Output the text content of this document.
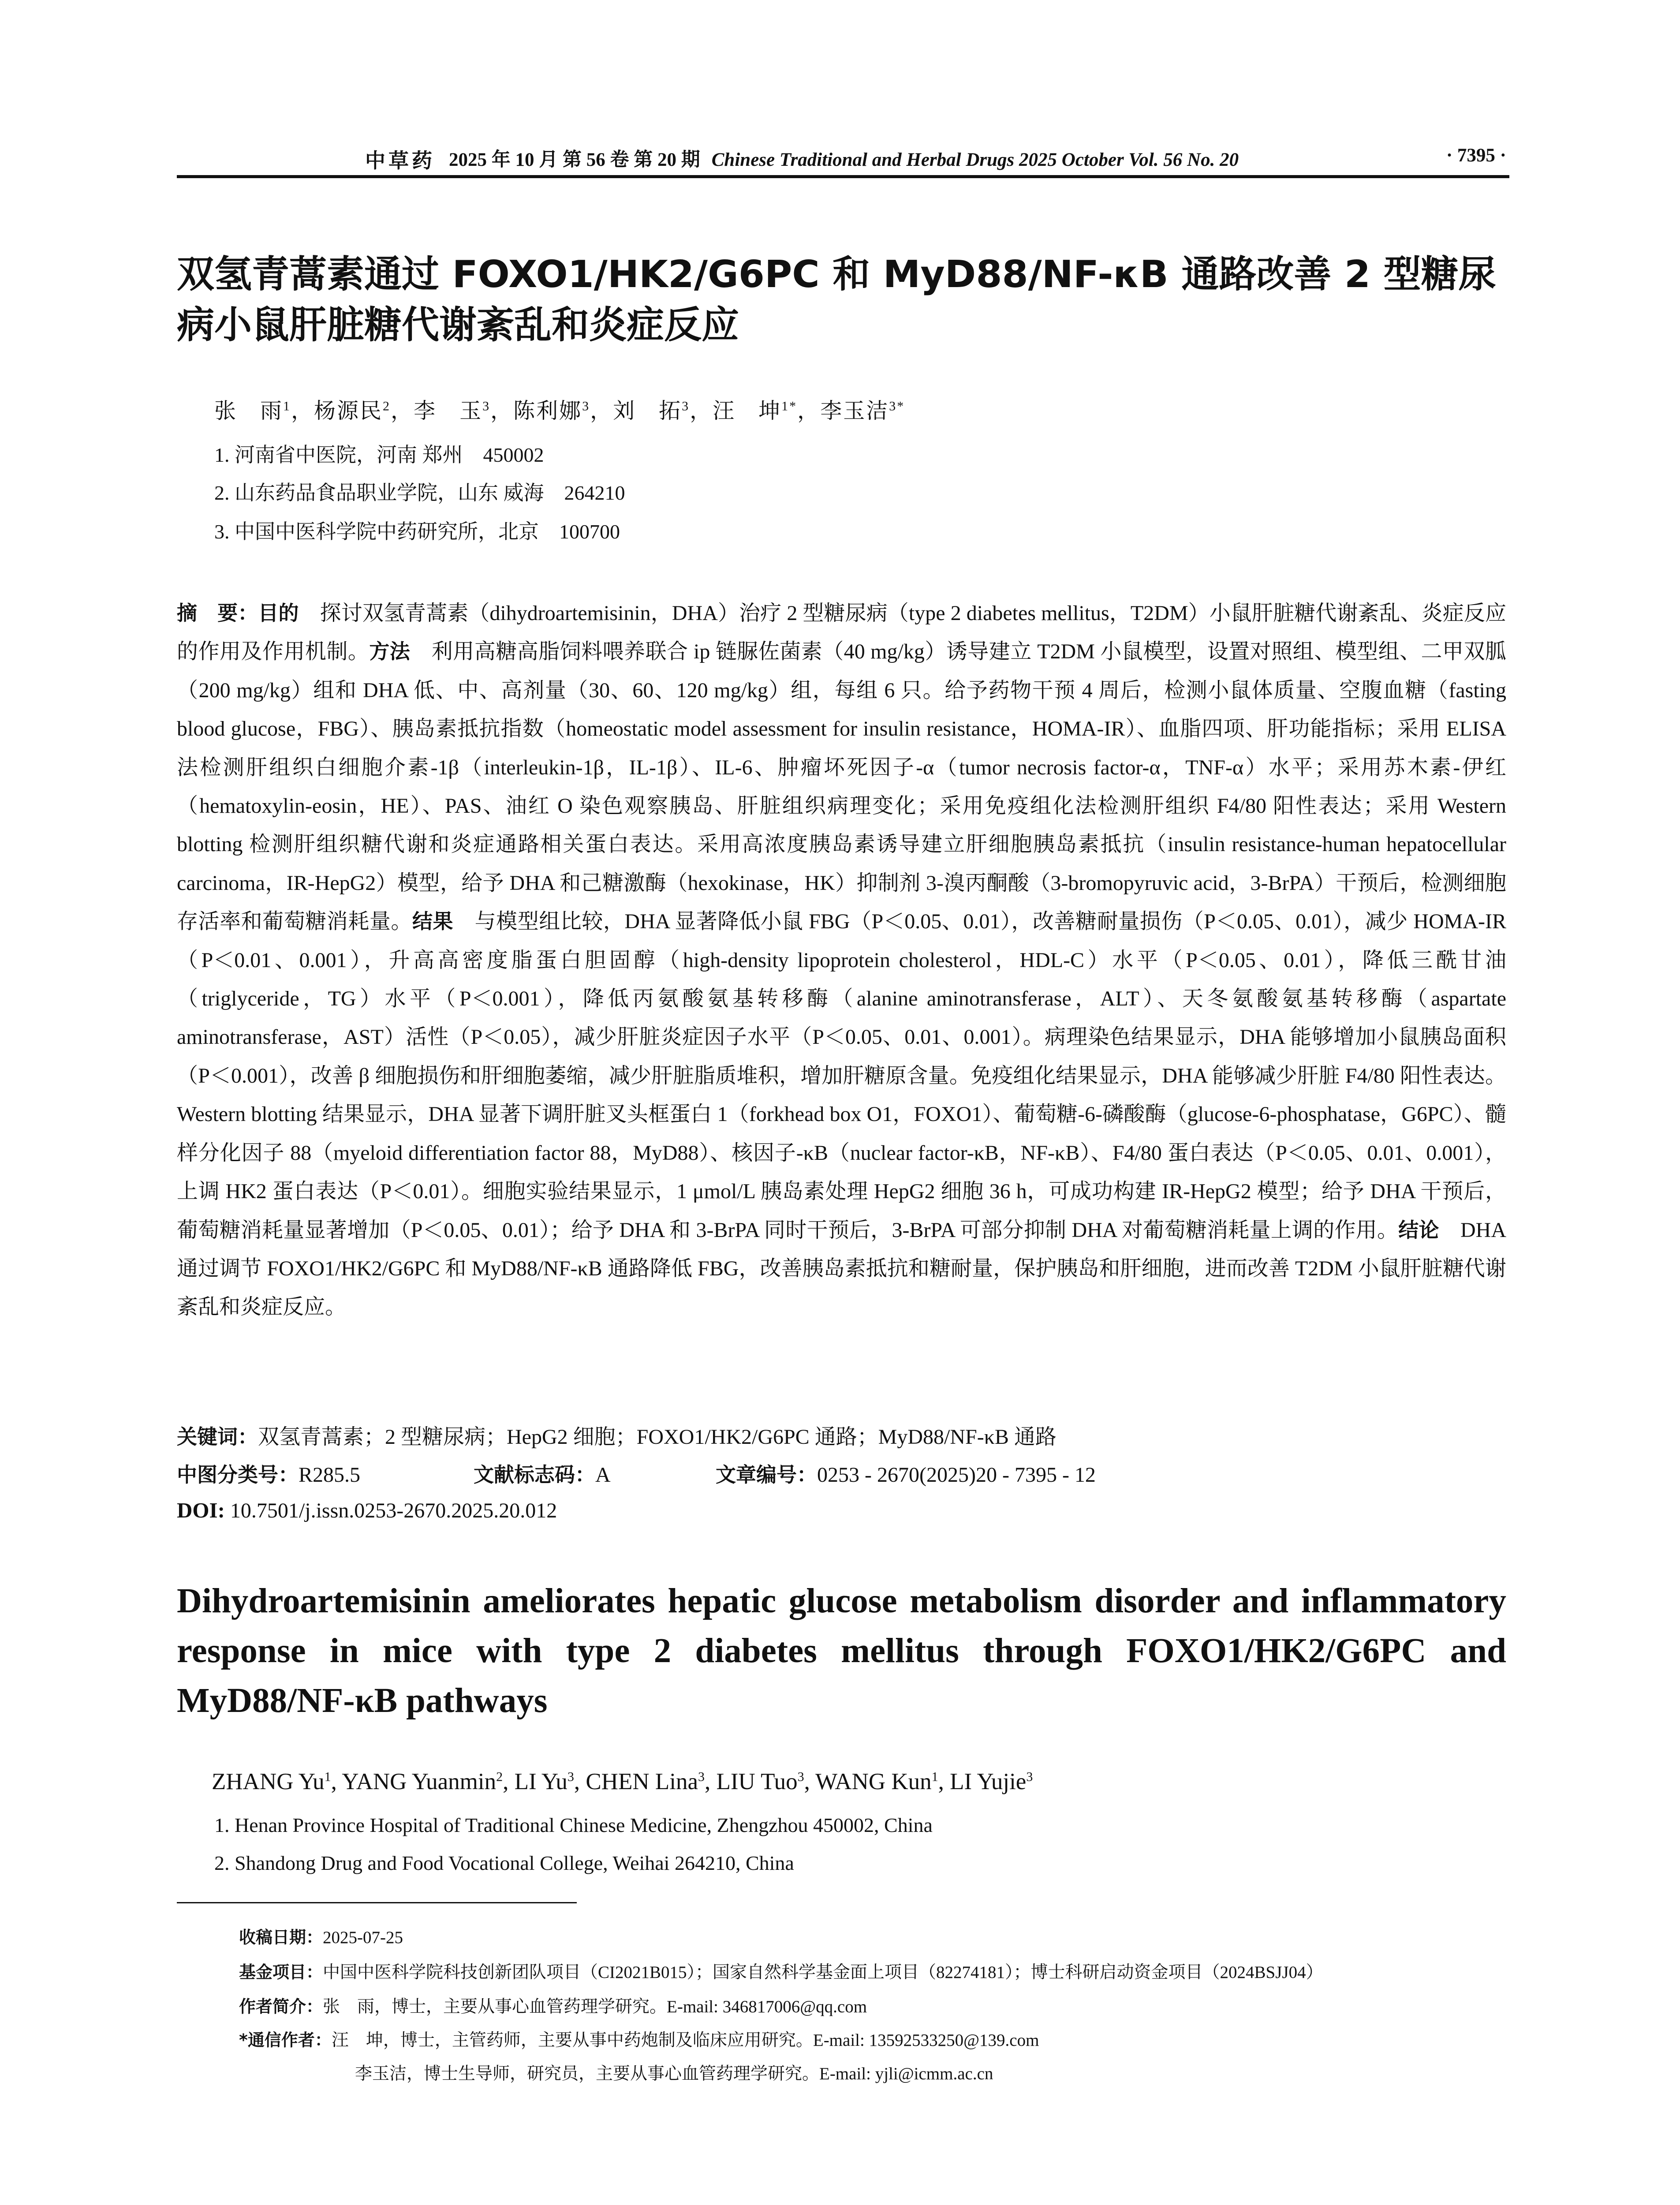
中草药 2025 年 10 月 第 56 卷 第 20 期 Chinese Traditional and Herbal Drugs 2025 October Vol. 56 No. 20	· 7395 ·
双氢青蒿素通过 FOXO1/HK2/G6PC 和 MyD88/NF-κB 通路改善 2 型糖尿病小鼠肝脏糖代谢紊乱和炎症反应
张　雨$^1$，杨源民$^2$，李　玉$^3$，陈利娜$^3$，刘　拓$^3$，汪　坤$^{1*}$，李玉洁$^{3*}$
1. 河南省中医院，河南 郑州　450002
2. 山东药品食品职业学院，山东 威海　264210
3. 中国中医科学院中药研究所，北京　100700
摘　要：目的　 探讨双氢青蒿素（dihydroartemisinin，DHA）治疗 2 型糖尿病（type 2 diabetes mellitus，T2DM）小鼠肝脏糖代谢紊乱、炎症反应的作用及作用机制。方法　 利用高糖高脂饲料喂养联合 ip 链脲佐菌素（40 mg/kg）诱导建立 T2DM 小鼠模型，设置对照组、模型组、二甲双胍（200 mg/kg）组和 DHA 低、中、高剂量（30、60、120 mg/kg）组，每组 6 只。给予药物干预 4 周后，检测小鼠体质量、空腹血糖（fasting blood glucose，FBG）、胰岛素抵抗指数（homeostatic model assessment for insulin resistance，HOMA-IR）、血脂四项、肝功能指标；采用 ELISA 法检测肝组织白细胞介素-1β（interleukin-1β，IL-1β）、IL-6、肿瘤坏死因子-α（tumor necrosis factor-α，TNF-α）水平；采用苏木素-伊红（hematoxylin-eosin，HE）、PAS、油红 O 染色观察胰岛、肝脏组织病理变化；采用免疫组化法检测肝组织 F4/80 阳性表达；采用 Western blotting 检测肝组织糖代谢和炎症通路相关蛋白表达。采用高浓度胰岛素诱导建立肝细胞胰岛素抵抗（insulin resistance-human hepatocellular carcinoma，IR-HepG2）模型，给予 DHA 和己糖激酶（hexokinase，HK）抑制剂 3-溴丙酮酸（3-bromopyruvic acid，3-BrPA）干预后，检测细胞存活率和葡萄糖消耗量。结果　 与模型组比较，DHA 显著降低小鼠 FBG（P＜0.05、0.01），改善糖耐量损伤（P＜0.05、0.01），减少 HOMA-IR（P＜0.01、0.001），升高高密度脂蛋白胆固醇（high-density lipoprotein cholesterol，HDL-C）水平（P＜0.05、0.01），降低三酰甘油（triglyceride，TG）水平（P＜0.001），降低丙氨酸氨基转移酶（alanine aminotransferase，ALT）、天冬氨酸氨基转移酶（aspartate aminotransferase，AST）活性（P＜0.05），减少肝脏炎症因子水平（P＜0.05、0.01、0.001）。病理染色结果显示，DHA 能够增加小鼠胰岛面积（P＜0.001），改善 β 细胞损伤和肝细胞萎缩，减少肝脏脂质堆积，增加肝糖原含量。免疫组化结果显示，DHA 能够减少肝脏 F4/80 阳性表达。Western blotting 结果显示，DHA 显著下调肝脏叉头框蛋白 1（forkhead box O1，FOXO1）、葡萄糖-6-磷酸酶（glucose-6-phosphatase，G6PC）、髓样分化因子 88（myeloid differentiation factor 88，MyD88）、核因子-κB（nuclear factor-κB，NF-κB）、F4/80 蛋白表达（P＜0.05、0.01、0.001），上调 HK2 蛋白表达（P＜0.01）。细胞实验结果显示，1 μmol/L 胰岛素处理 HepG2 细胞 36 h，可成功构建 IR-HepG2 模型；给予 DHA 干预后，葡萄糖消耗量显著增加（P＜0.05、0.01）；给予 DHA 和 3-BrPA 同时干预后，3-BrPA 可部分抑制 DHA 对葡萄糖消耗量上调的作用。结论　 DHA 通过调节 FOXO1/HK2/G6PC 和 MyD88/NF-κB 通路降低 FBG，改善胰岛素抵抗和糖耐量，保护胰岛和肝细胞，进而改善 T2DM 小鼠肝脏糖代谢紊乱和炎症反应。
关键词：双氢青蒿素；2 型糖尿病；HepG2 细胞；FOXO1/HK2/G6PC 通路；MyD88/NF-κB 通路
中图分类号：R285.5	文献标志码：A	文章编号：0253 - 2670(2025)20 - 7395 - 12
DOI: 10.7501/j.issn.0253-2670.2025.20.012
Dihydroartemisinin ameliorates hepatic glucose metabolism disorder and inflammatory response in mice with type 2 diabetes mellitus through FOXO1/HK2/G6PC and MyD88/NF-κB pathways
ZHANG Yu$^1$, YANG Yuanmin$^2$, LI Yu$^3$, CHEN Lina$^3$, LIU Tuo$^3$, WANG Kun$^1$, LI Yujie$^3$
1. Henan Province Hospital of Traditional Chinese Medicine, Zhengzhou 450002, China
2. Shandong Drug and Food Vocational College, Weihai 264210, China
收稿日期：2025-07-25
基金项目：中国中医科学院科技创新团队项目（CI2021B015）；国家自然科学基金面上项目（82274181）；博士科研启动资金项目（2024BSJJ04）
作者简介：张　雨，博士，主要从事心血管药理学研究。E-mail: 346817006@qq.com
*通信作者：汪　坤，博士，主管药师，主要从事中药炮制及临床应用研究。E-mail: 13592533250@139.com
李玉洁，博士生导师，研究员，主要从事心血管药理学研究。E-mail: yjli@icmm.ac.cn
